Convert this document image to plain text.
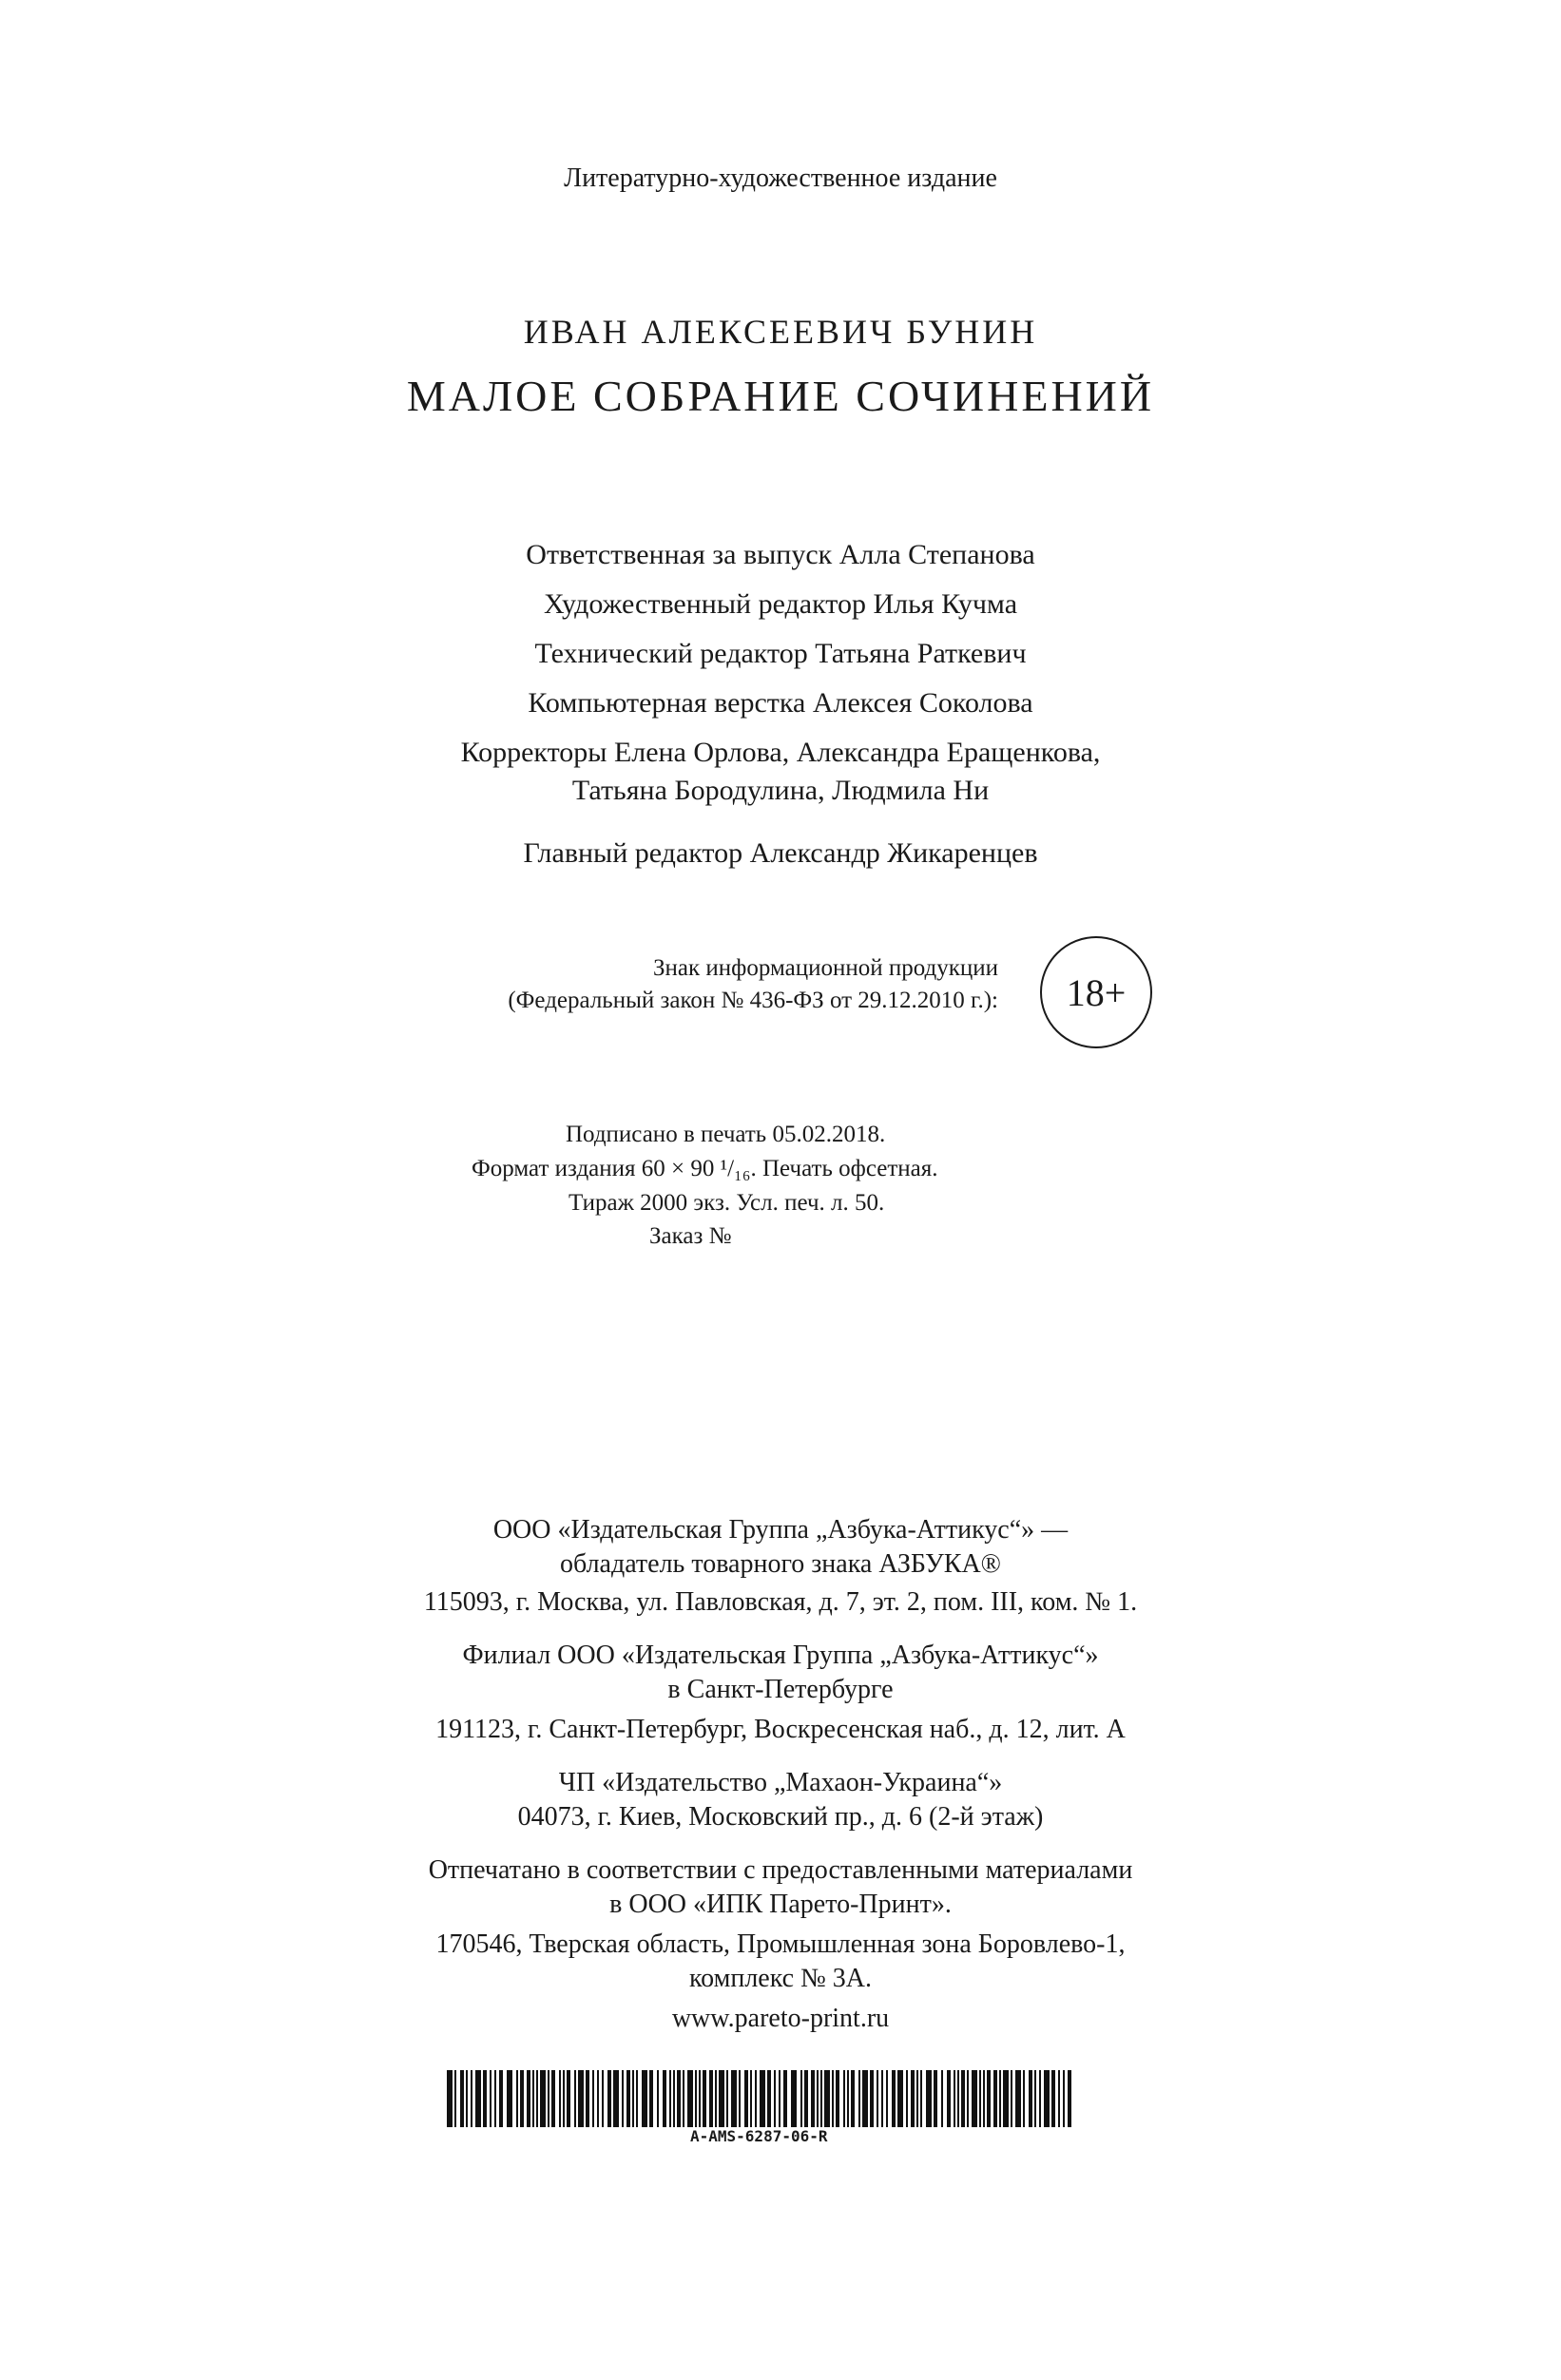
Литературно-художественное издание
ИВАН АЛЕКСЕЕВИЧ БУНИН
МАЛОЕ СОБРАНИЕ СОЧИНЕНИЙ
Ответственная за выпуск Алла Степанова
Художественный редактор Илья Кучма
Технический редактор Татьяна Раткевич
Компьютерная верстка Алексея Соколова
Корректоры Елена Орлова, Александра Еращенкова,
Татьяна Бородулина, Людмила Ни
Главный редактор Александр Жикаренцев
Знак информационной продукции
(Федеральный закон № 436-ФЗ от 29.12.2010 г.): 18+
Подписано в печать 05.02.2018.
Формат издания 60 × 90 ¹/₁₆. Печать офсетная.
Тираж 2000 экз. Усл. печ. л. 50.
Заказ №
ООО «Издательская Группа „Азбука-Аттикус“» —
обладатель товарного знака АЗБУКА®
115093, г. Москва, ул. Павловская, д. 7, эт. 2, пом. III, ком. № 1.
Филиал ООО «Издательская Группа „Азбука-Аттикус“»
в Санкт-Петербурге
191123, г. Санкт-Петербург, Воскресенская наб., д. 12, лит. А
ЧП «Издательство „Махаон-Украина“»
04073, г. Киев, Московский пр., д. 6 (2-й этаж)
Отпечатано в соответствии с предоставленными материалами
в ООО «ИПК Парето-Принт».
170546, Тверская область, Промышленная зона Боровлево-1,
комплекс № 3А.
www.pareto-print.ru
A-AMS-6287-06-R
